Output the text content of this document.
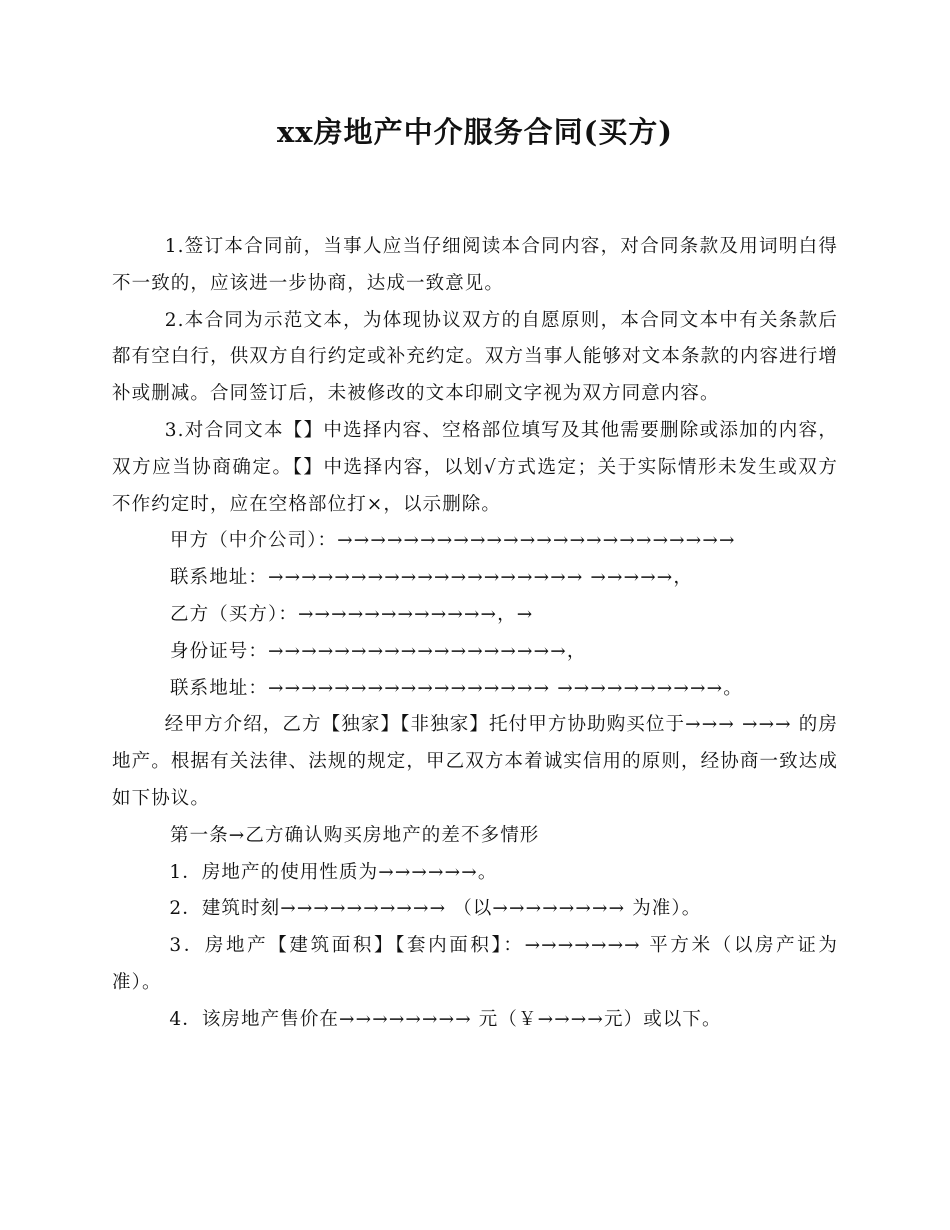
xx房地产中介服务合同(买方)

1.签订本合同前，当事人应当仔细阅读本合同内容，对合同条款及用词明白得不一致的，应该进一步协商，达成一致意见。

2.本合同为示范文本，为体现协议双方的自愿原则，本合同文本中有关条款后都有空白行，供双方自行约定或补充约定。双方当事人能够对文本条款的内容进行增补或删减。合同签订后，未被修改的文本印刷文字视为双方同意内容。

3.对合同文本【】中选择内容、空格部位填写及其他需要删除或添加的内容，双方应当协商确定。【】中选择内容，以划√方式选定；关于实际情形未发生或双方不作约定时，应在空格部位打×，以示删除。

甲方（中介公司）：→→→→→→→→→→→→→→→→→→→→→→→→

联系地址：→→→→→→→→→→→→→→→→→→→ →→→→→，

乙方（买方）：→→→→→→→→→→→→，→

身份证号：→→→→→→→→→→→→→→→→→→，

联系地址：→→→→→→→→→→→→→→→→→ →→→→→→→→→→。

经甲方介绍，乙方【独家】【非独家】托付甲方协助购买位于→→→ →→→ 的房地产。根据有关法律、法规的规定，甲乙双方本着诚实信用的原则，经协商一致达成如下协议。

第一条→乙方确认购买房地产的差不多情形

1．房地产的使用性质为→→→→→→。

2．建筑时刻→→→→→→→→→→ （以→→→→→→→→ 为准）。

3．房地产【建筑面积】【套内面积】：→→→→→→→ 平方米（以房产证为准）。

4．该房地产售价在→→→→→→→→ 元（￥→→→→元）或以下。
